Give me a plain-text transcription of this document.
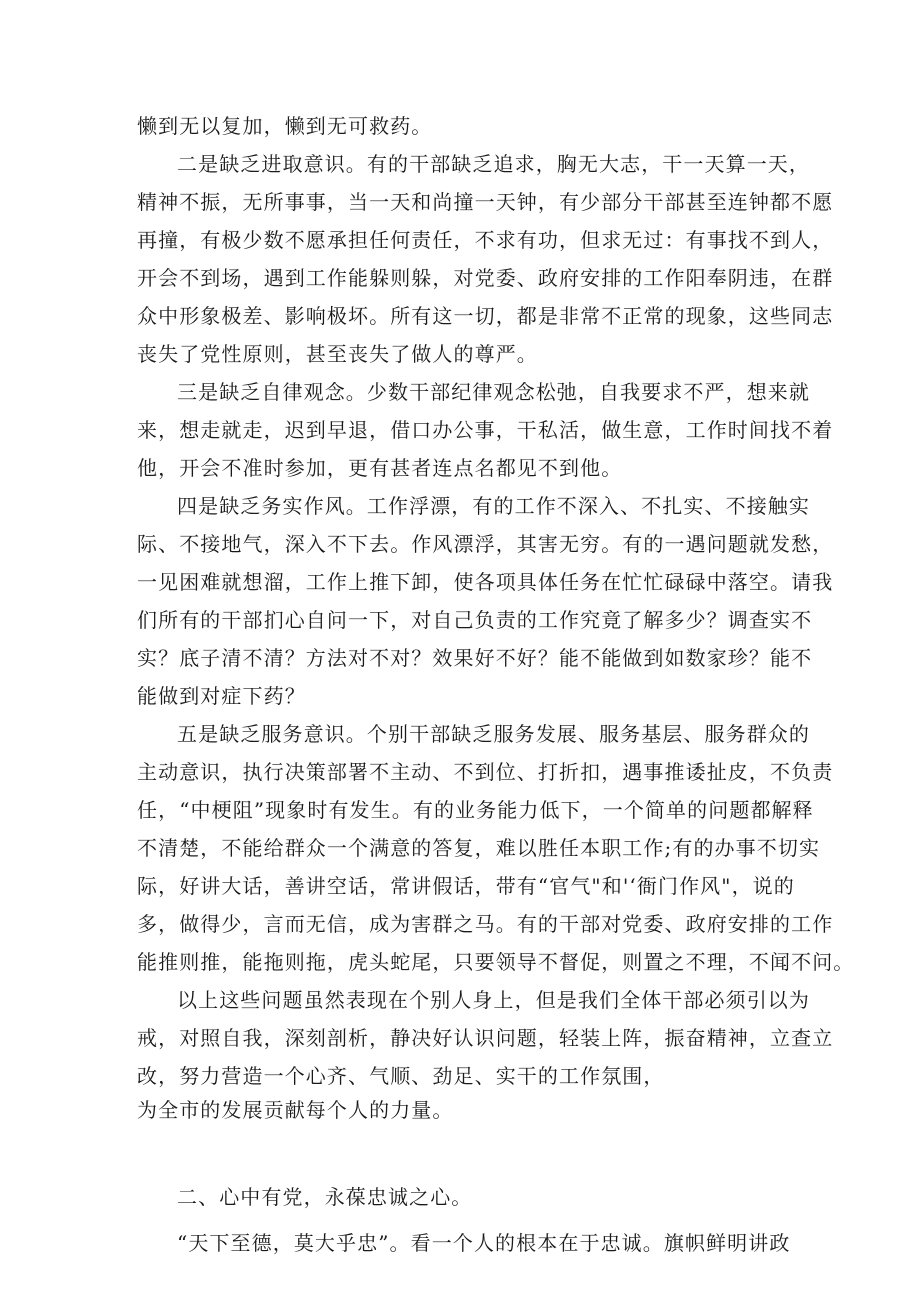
懒到无以复加，懒到无可救药。
二是缺乏进取意识。有的干部缺乏追求，胸无大志，干一天算一天，
精神不振，无所事事，当一天和尚撞一天钟，有少部分干部甚至连钟都不愿
再撞，有极少数不愿承担任何责任，不求有功，但求无过：有事找不到人，
开会不到场，遇到工作能躲则躲，对党委、政府安排的工作阳奉阴违，在群
众中形象极差、影响极坏。所有这一切，都是非常不正常的现象，这些同志
丧失了党性原则，甚至丧失了做人的尊严。
三是缺乏自律观念。少数干部纪律观念松弛，自我要求不严，想来就
来，想走就走，迟到早退，借口办公事，干私活，做生意，工作时间找不着
他，开会不准时参加，更有甚者连点名都见不到他。
四是缺乏务实作风。工作浮漂，有的工作不深入、不扎实、不接触实
际、不接地气，深入不下去。作风漂浮，其害无穷。有的一遇问题就发愁，
一见困难就想溜，工作上推下卸，使各项具体任务在忙忙碌碌中落空。请我
们所有的干部扪心自问一下，对自己负责的工作究竟了解多少？调查实不
实？底子清不清？方法对不对？效果好不好？能不能做到如数家珍？能不
能做到对症下药？
五是缺乏服务意识。个别干部缺乏服务发展、服务基层、服务群众的
主动意识，执行决策部署不主动、不到位、打折扣，遇事推诿扯皮，不负责
任，“中梗阻”现象时有发生。有的业务能力低下，一个简单的问题都解释
不清楚，不能给群众一个满意的答复，难以胜任本职工作;有的办事不切实
际，好讲大话，善讲空话，常讲假话，带有“官气"和'‘衙门作风"，说的
多，做得少，言而无信，成为害群之马。有的干部对党委、政府安排的工作
能推则推，能拖则拖，虎头蛇尾，只要领导不督促，则置之不理，不闻不问。
以上这些问题虽然表现在个别人身上，但是我们全体干部必须引以为
戒，对照自我，深刻剖析，静决好认识问题，轻装上阵，振奋精神，立查立
改，努力营造一个心齐、气顺、劲足、实干的工作氛围，
为全市的发展贡献每个人的力量。
二、心中有党，永葆忠诚之心。
“天下至德，莫大乎忠”。看一个人的根本在于忠诚。旗帜鲜明讲政
